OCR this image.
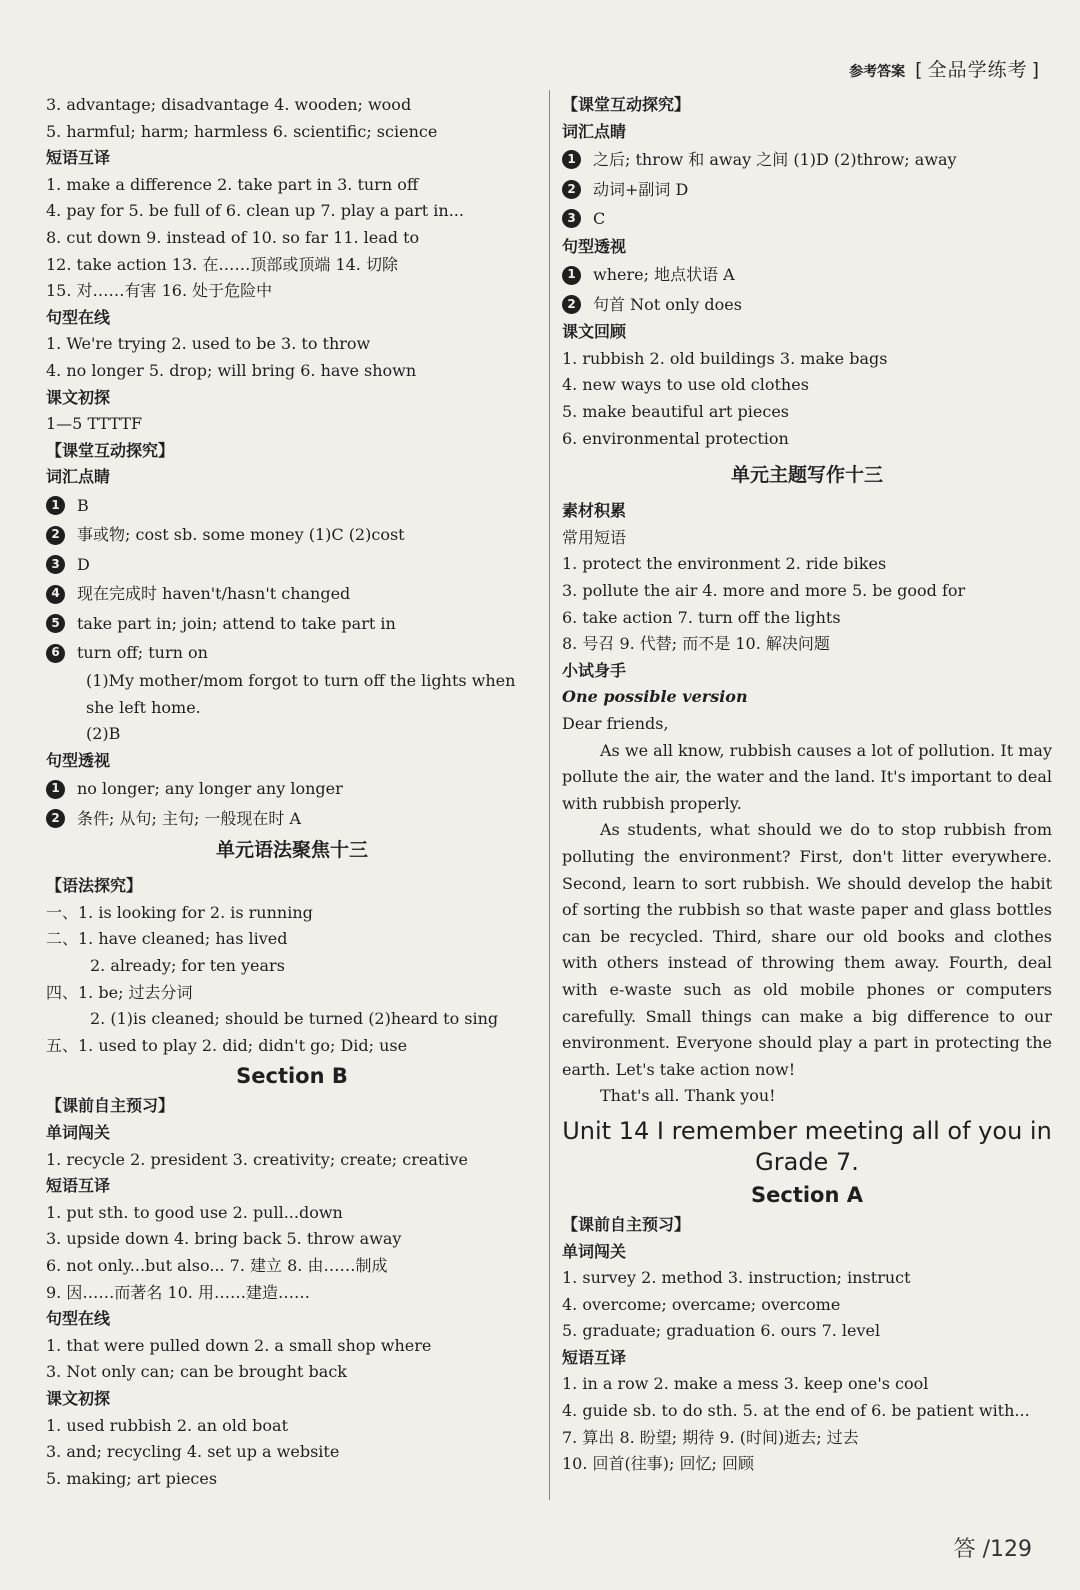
参考答案
[	全品学练考 ]
3. advantage; disadvantage 4. wooden; wood
5. harmful; harm; harmless 6. scientific; science
短语互译
1. make a difference 2. take part in 3. turn off
4. pay for 5. be full of 6. clean up 7. play a part in...
8. cut down 9. instead of 10. so far 11. lead to
12. take action 13. 在……顶部或顶端 14. 切除
15. 对……有害 16. 处于危险中
句型在线
1. We're trying 2. used to be 3. to throw
4. no longer 5. drop; will bring 6. have shown
课文初探
1—5 TTTTF
【课堂互动探究】
词汇点睛
1	B
2	事或物; cost sb. some money (1)C (2)cost
3	D
4	现在完成时 haven't/hasn't changed
5	take part in; join; attend to take part in
6	turn off; turn on
(1)My mother/mom forgot to turn off the lights when
she left home.
(2)B
句型透视
1	no longer; any longer any longer
2	条件; 从句; 主句; 一般现在时 A
单元语法聚焦十三
【语法探究】
一、1. is looking for 2. is running
二、1. have cleaned; has lived
2. already; for ten years
四、1. be; 过去分词
2. (1)is cleaned; should be turned (2)heard to sing
五、1. used to play 2. did; didn't go; Did; use
Section B
【课前自主预习】
单词闯关
1. recycle 2. president 3. creativity; create; creative
短语互译
1. put sth. to good use 2. pull...down
3. upside down 4. bring back 5. throw away
6. not only...but also... 7. 建立 8. 由……制成
9. 因……而著名 10. 用……建造……
句型在线
1. that were pulled down 2. a small shop where
3. Not only can; can be brought back
课文初探
1. used rubbish 2. an old boat
3. and; recycling 4. set up a website
5. making; art pieces
【课堂互动探究】
词汇点睛
1	之后; throw 和 away 之间 (1)D (2)throw; away
2	动词+副词 D
3	C
句型透视
1	where; 地点状语 A
2	句首 Not only does
课文回顾
1. rubbish 2. old buildings 3. make bags
4. new ways to use old clothes
5. make beautiful art pieces
6. environmental protection
单元主题写作十三
素材积累
常用短语
1. protect the environment 2. ride bikes
3. pollute the air 4. more and more 5. be good for
6. take action 7. turn off the lights
8. 号召 9. 代替; 而不是 10. 解决问题
小试身手
One possible version

Dear friends,

As we all know, rubbish causes a lot of pollution. It may pollute the air, the water and the land. It's important to deal with rubbish properly.

As students, what should we do to stop rubbish from polluting the environment? First, don't litter everywhere. Second, learn to sort rubbish. We should develop the habit of sorting the rubbish so that waste paper and glass bottles can be recycled. Third, share our old books and clothes with others instead of throwing them away. Fourth, deal with e-waste such as old mobile phones or computers carefully. Small things can make a big difference to our environment. Everyone should play a part in protecting the earth. Let's take action now!

That's all. Thank you!

Unit 14 I remember meeting all of you in Grade 7.
Section A
【课前自主预习】
单词闯关
1. survey 2. method 3. instruction; instruct
4. overcome; overcame; overcome
5. graduate; graduation 6. ours 7. level
短语互译
1. in a row 2. make a mess 3. keep one's cool
4. guide sb. to do sth. 5. at the end of 6. be patient with...
7. 算出 8. 盼望; 期待 9. (时间)逝去; 过去
10. 回首(往事); 回忆; 回顾
答 /129
